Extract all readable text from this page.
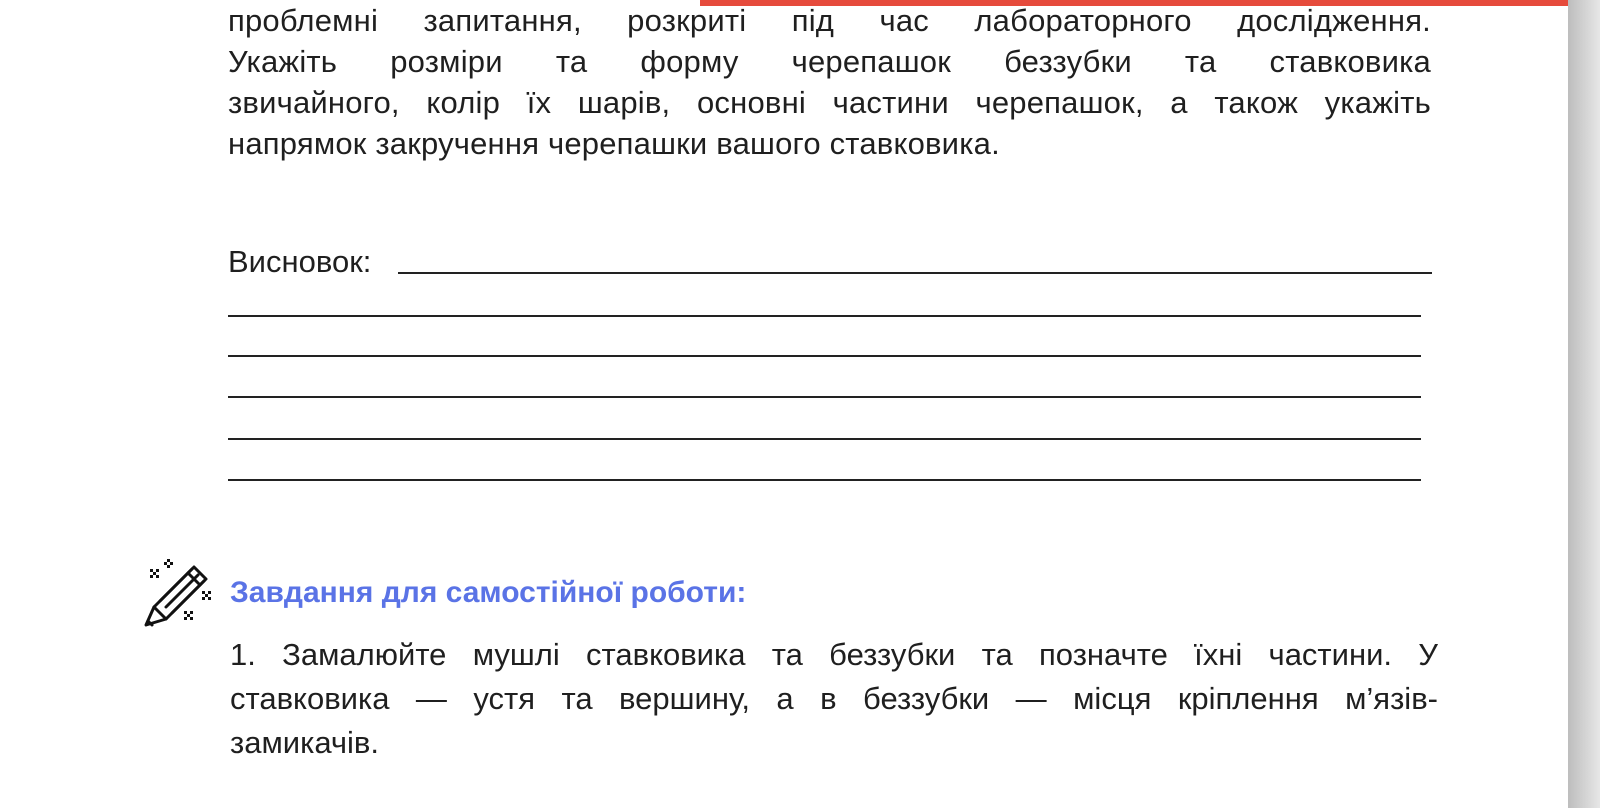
проблемні запитання, розкриті під час лабораторного дослідження.
Укажіть розміри та форму черепашок беззубки та ставковика
звичайного, колір їх шарів, основні частини черепашок, а також укажіть
напрямок закручення черепашки вашого ставковика.
Висновок:
Завдання для самостійної роботи:
1. Замалюйте мушлі ставковика та беззубки та позначте їхні частини. У
ставковика — устя та вершину, а в беззубки — місця кріплення м’язів-
замикачів.
